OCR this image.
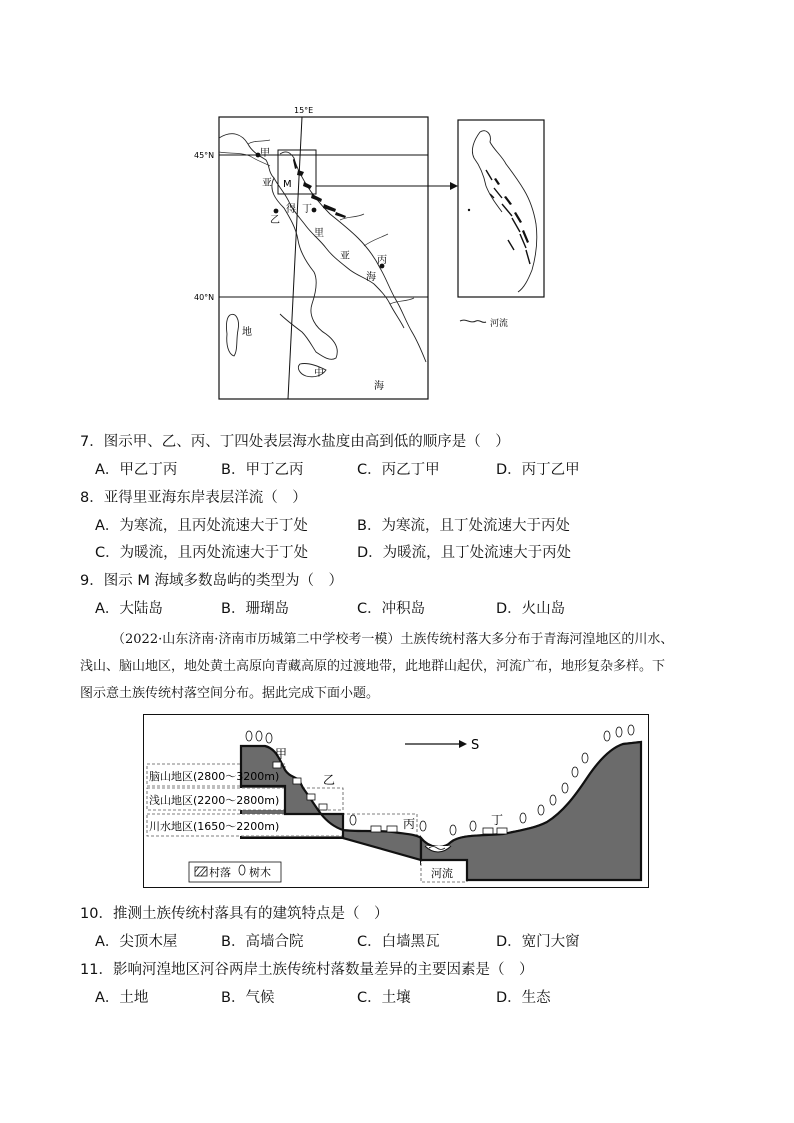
15°E
45°N
40°N
甲
M
乙
丁
丙
亚
得
里
亚
海
地
中
海
河流
7．图示甲、乙、丙、丁四处表层海水盐度由高到低的顺序是（　）
A．甲乙丁丙	B．甲丁乙丙	C．丙乙丁甲	D．丙丁乙甲
8．亚得里亚海东岸表层洋流（　）
A．为寒流，且丙处流速大于丁处	B．为寒流，且丁处流速大于丙处
C．为暖流，且丙处流速大于丁处	D．为暖流，且丁处流速大于丙处
9．图示 M 海域多数岛屿的类型为（　）
A．大陆岛	B．珊瑚岛	C．冲积岛	D．火山岛
（2022·山东济南·济南市历城第二中学校考一模）土族传统村落大多分布于青海河湟地区的川水、
浅山、脑山地区，地处黄土高原向青藏高原的过渡地带，此地群山起伏，河流广布，地形复杂多样。下
图示意土族传统村落空间分布。据此完成下面小题。
S
脑山地区(2800～3200m)
浅山地区(2200～2800m)
川水地区(1650～2200m)
河流
甲
乙
丙	丁
村落 树木
10．推测土族传统村落具有的建筑特点是（　）
A．尖顶木屋	B．高墙合院	C．白墙黑瓦	D．宽门大窗
11．影响河湟地区河谷两岸土族传统村落数量差异的主要因素是（　）
A．土地	B．气候	C．土壤	D．生态
